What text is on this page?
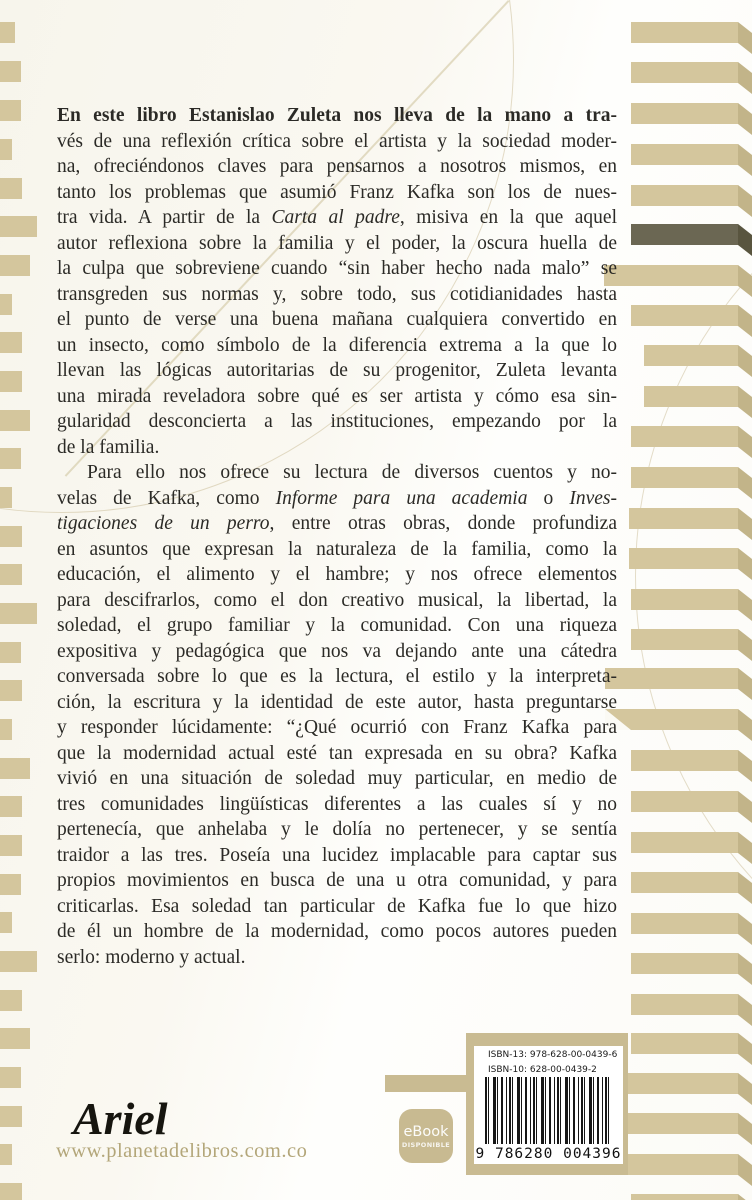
En este libro Estanislao Zuleta nos lleva de la mano a tra-
vés de una reflexión crítica sobre el artista y la sociedad moder-
na, ofreciéndonos claves para pensarnos a nosotros mismos, en
tanto los problemas que asumió Franz Kafka son los de nues-
tra vida. A partir de la Carta al padre, misiva en la que aquel
autor reflexiona sobre la familia y el poder, la oscura huella de
la culpa que sobreviene cuando “sin haber hecho nada malo” se
transgreden sus normas y, sobre todo, sus cotidianidades hasta
el punto de verse una buena mañana cualquiera convertido en
un insecto, como símbolo de la diferencia extrema a la que lo
llevan las lógicas autoritarias de su progenitor, Zuleta levanta
una mirada reveladora sobre qué es ser artista y cómo esa sin-
gularidad desconcierta a las instituciones, empezando por la
de la familia.
Para ello nos ofrece su lectura de diversos cuentos y no-
velas de Kafka, como Informe para una academia o Inves-
tigaciones de un perro, entre otras obras, donde profundiza
en asuntos que expresan la naturaleza de la familia, como la
educación, el alimento y el hambre; y nos ofrece elementos
para descifrarlos, como el don creativo musical, la libertad, la
soledad, el grupo familiar y la comunidad. Con una riqueza
expositiva y pedagógica que nos va dejando ante una cátedra
conversada sobre lo que es la lectura, el estilo y la interpreta-
ción, la escritura y la identidad de este autor, hasta preguntarse
y responder lúcidamente: “¿Qué ocurrió con Franz Kafka para
que la modernidad actual esté tan expresada en su obra? Kafka
vivió en una situación de soledad muy particular, en medio de
tres comunidades lingüísticas diferentes a las cuales sí y no
pertenecía, que anhelaba y le dolía no pertenecer, y se sentía
traidor a las tres. Poseía una lucidez implacable para captar sus
propios movimientos en busca de una u otra comunidad, y para
criticarlas. Esa soledad tan particular de Kafka fue lo que hizo
de él un hombre de la modernidad, como pocos autores pueden
serlo: moderno y actual.
Ariel
www.planetadelibros.com.co
eBook
DISPONIBLE
ISBN-13: 978-628-00-0439-6
ISBN-10: 628-00-0439-2
9 786280 004396
